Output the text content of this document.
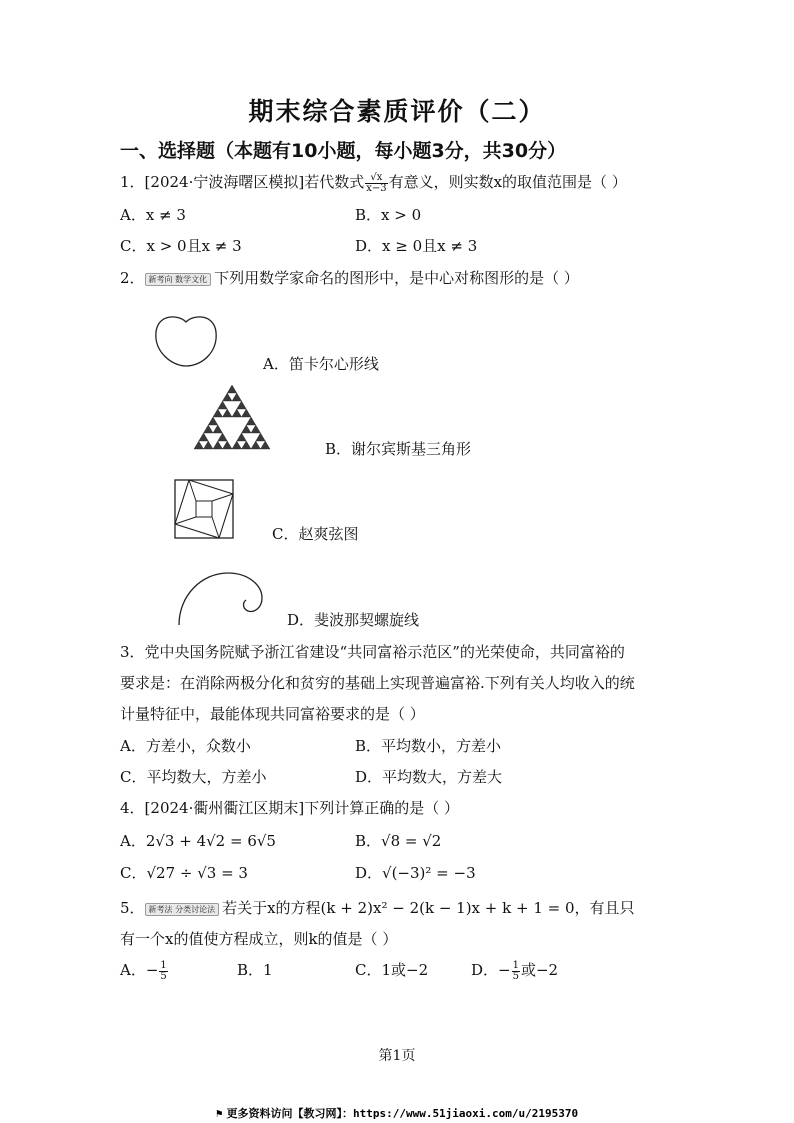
期末综合素质评价（二）
一、选择题（本题有10小题，每小题3分，共30分）
1．[2024·宁波海曙区模拟]若代数式 $\frac{√x}{x-3}$ 有意义，则实数x的取值范围是（ ）
A．x ≠ 3	B．x > 0
C．x > 0且x ≠ 3	D．x ≥ 0且x ≠ 3
2． 新考向 数学文化 下列用数学家命名的图形中，是中心对称图形的是（ ）
A．笛卡尔心形线
B．谢尔宾斯基三角形
C．赵爽弦图
D．斐波那契螺旋线
3．党中央国务院赋予浙江省建设“共同富裕示范区”的光荣使命，共同富裕的
要求是：在消除两极分化和贫穷的基础上实现普遍富裕.下列有关人均收入的统
计量特征中，最能体现共同富裕要求的是（ ）
A．方差小，众数小	B．平均数小，方差小
C．平均数大，方差小	D．平均数大，方差大
4．[2024·衢州衢江区期末]下列计算正确的是（ ）
A．2√3 + 4√2 = 6√5	B．√8 = √2
C．√27 ÷ √3 = 3	D．√(−3)² = −3
5． 新考法 分类讨论法 若关于x的方程(k + 2)x² − 2(k − 1)x + k + 1 = 0，有且只
有一个x的值使方程成立，则k的值是（ ）
A．− $\frac{1}{5}$	B．1	C．1或−2	D．− $\frac{1}{5}$ 或−2
第1页
⚑ 更多资料访问【教习网】：https://www.51jiaoxi.com/u/2195370
